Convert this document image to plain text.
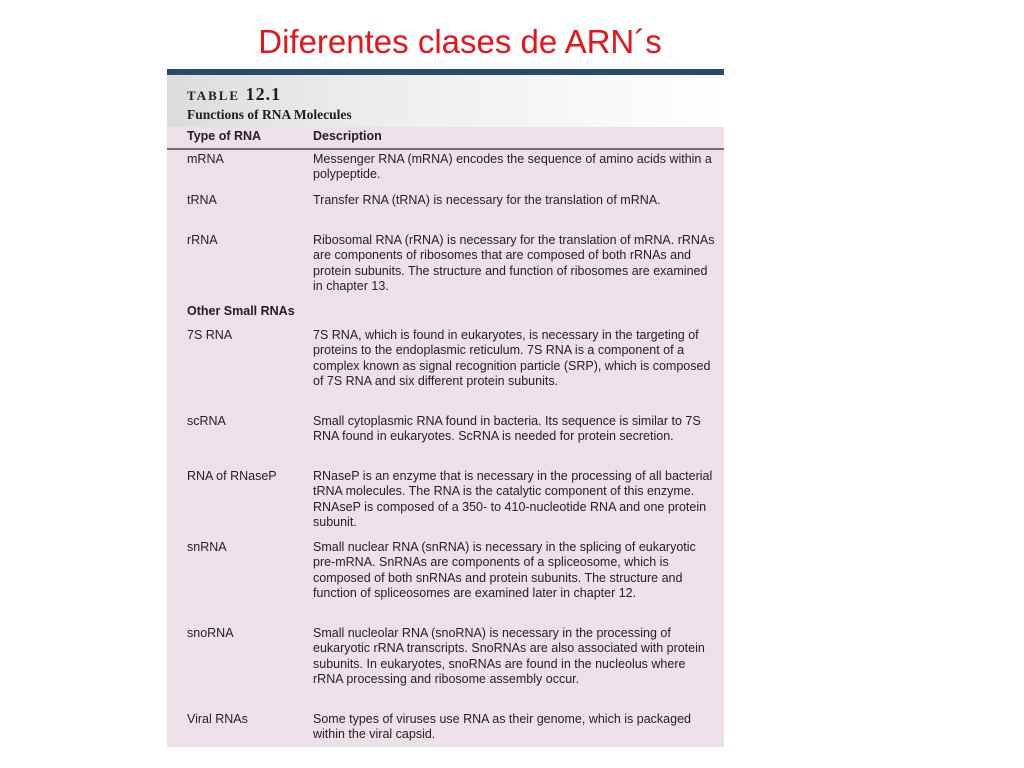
Diferentes clases de ARN´s
TABLE 12.1
Functions of RNA Molecules
Type of RNA	Description
mRNA	Messenger RNA (mRNA) encodes the sequence of amino acids within a polypeptide.
tRNA	Transfer RNA (tRNA) is necessary for the translation of mRNA.
rRNA	Ribosomal RNA (rRNA) is necessary for the translation of mRNA. rRNAs are components of ribosomes that are composed of both rRNAs and protein subunits. The structure and function of ribosomes are examined in chapter 13.
Other Small RNAs
7S RNA	7S RNA, which is found in eukaryotes, is necessary in the targeting of proteins to the endoplasmic reticulum. 7S RNA is a component of a complex known as signal recognition particle (SRP), which is composed of 7S RNA and six different protein subunits.
scRNA	Small cytoplasmic RNA found in bacteria. Its sequence is similar to 7S RNA found in eukaryotes. ScRNA is needed for protein secretion.
RNA of RNaseP	RNaseP is an enzyme that is necessary in the processing of all bacterial tRNA molecules. The RNA is the catalytic component of this enzyme. RNAseP is composed of a 350- to 410-nucleotide RNA and one protein subunit.
snRNA	Small nuclear RNA (snRNA) is necessary in the splicing of eukaryotic pre-mRNA. SnRNAs are components of a spliceosome, which is composed of both snRNAs and protein subunits. The structure and function of spliceosomes are examined later in chapter 12.
snoRNA	Small nucleolar RNA (snoRNA) is necessary in the processing of eukaryotic rRNA transcripts. SnoRNAs are also associated with protein subunits. In eukaryotes, snoRNAs are found in the nucleolus where rRNA processing and ribosome assembly occur.
Viral RNAs	Some types of viruses use RNA as their genome, which is packaged within the viral capsid.
